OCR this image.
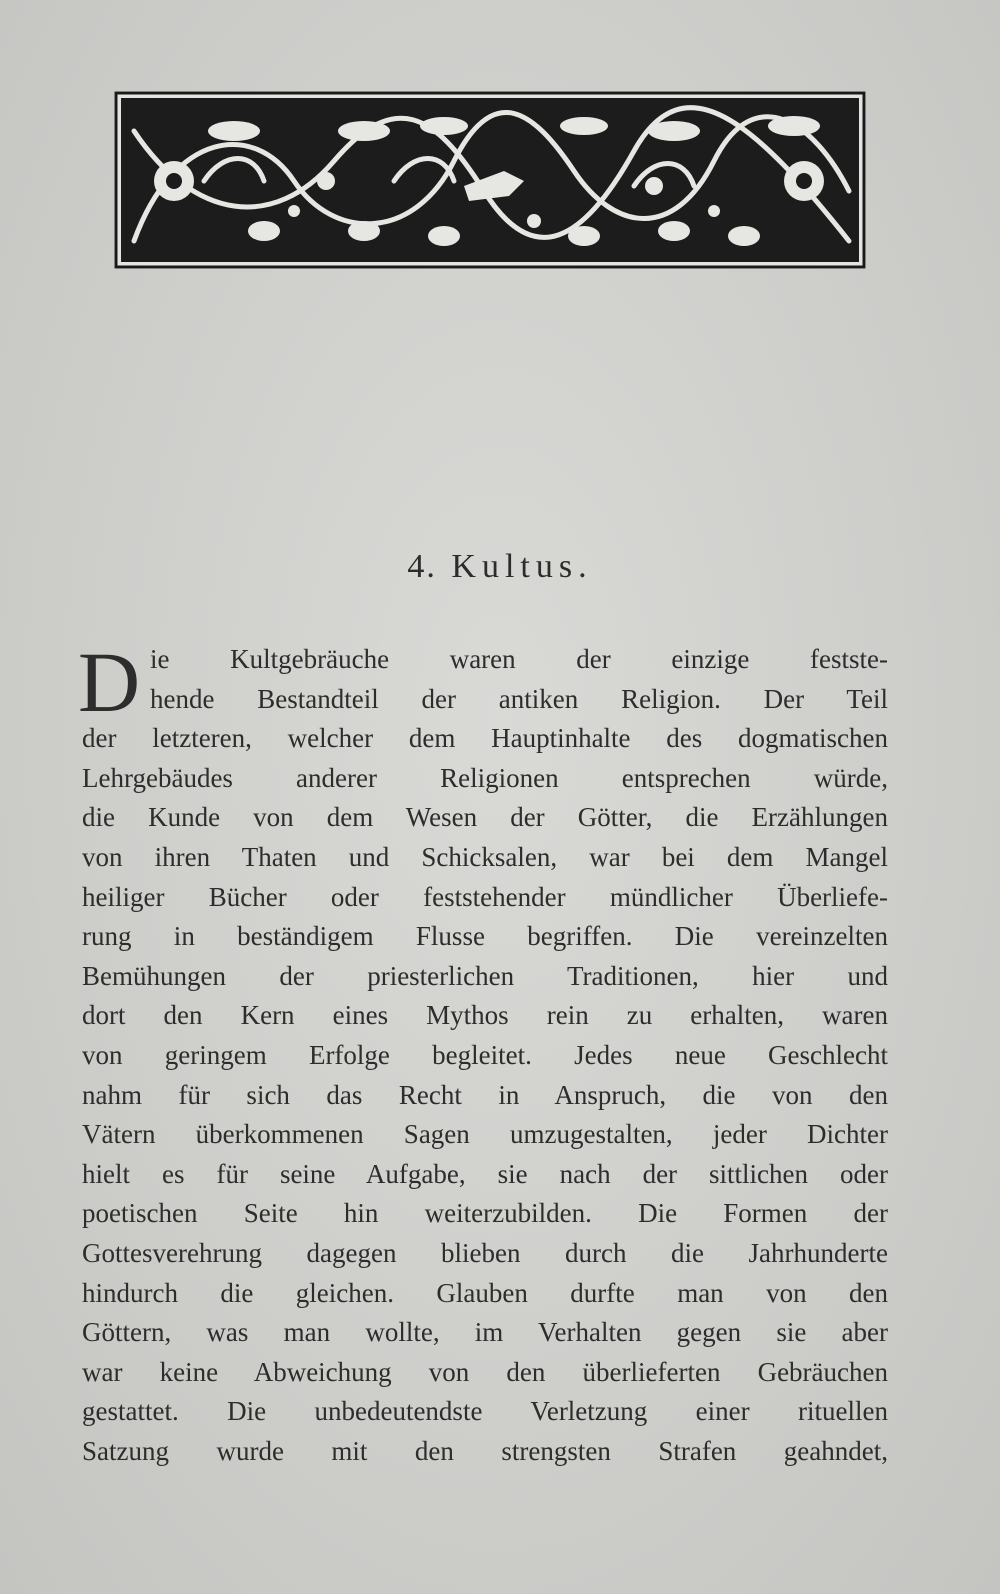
4. Kultus.
D ie Kultgebräuche waren der einzige festste-
hende Bestandteil der antiken Religion. Der Teil
der letzteren, welcher dem Hauptinhalte des dogmatischen
Lehrgebäudes anderer Religionen entsprechen würde,
die Kunde von dem Wesen der Götter, die Erzählungen
von ihren Thaten und Schicksalen, war bei dem Mangel
heiliger Bücher oder feststehender mündlicher Überliefe-
rung in beständigem Flusse begriffen. Die vereinzelten
Bemühungen der priesterlichen Traditionen, hier und
dort den Kern eines Mythos rein zu erhalten, waren
von geringem Erfolge begleitet. Jedes neue Geschlecht
nahm für sich das Recht in Anspruch, die von den
Vätern überkommenen Sagen umzugestalten, jeder Dichter
hielt es für seine Aufgabe, sie nach der sittlichen oder
poetischen Seite hin weiterzubilden. Die Formen der
Gottesverehrung dagegen blieben durch die Jahrhunderte
hindurch die gleichen. Glauben durfte man von den
Göttern, was man wollte, im Verhalten gegen sie aber
war keine Abweichung von den überlieferten Gebräuchen
gestattet. Die unbedeutendste Verletzung einer rituellen
Satzung wurde mit den strengsten Strafen geahndet,
